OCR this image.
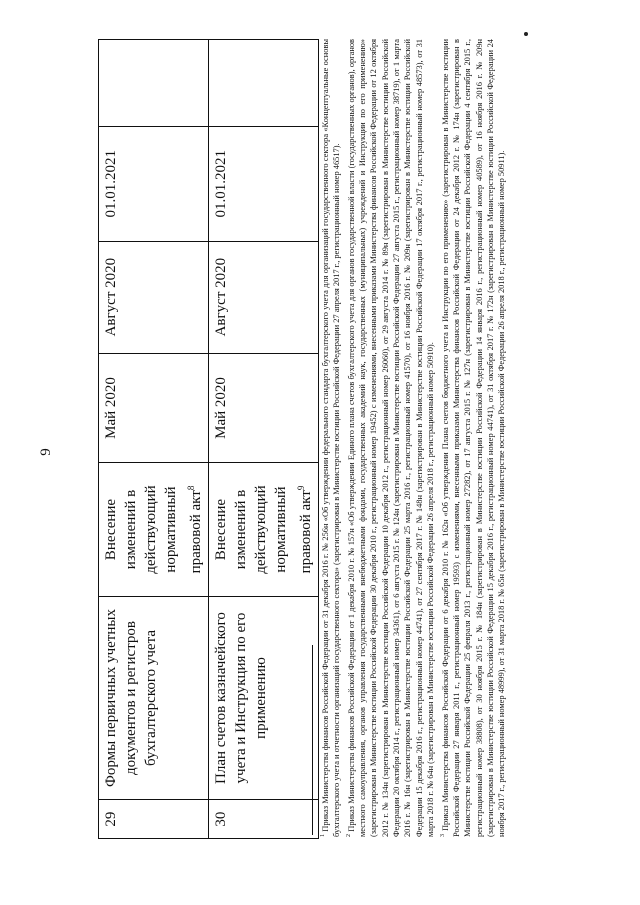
9
29	Формы первичных учетных документов и регистров бухгалтерского учета	Внесение изменений в действующий нормативный правовой акт$^8$	Май 2020	Август 2020	01.01.2021	
30	План счетов казначейского учета и Инструкция по его применению	Внесение изменений в действующий нормативный правовой акт$^9$	Май 2020	Август 2020	01.01.2021	

$^1$ Приказ Министерства финансов Российской Федерации от 31 декабря 2016 г. № 256н «Об утверждении федерального стандарта бухгалтерского учета для организаций государственного сектора «Концептуальные основы бухгалтерского учета и отчетности организаций государственного сектора» (зарегистрирован в Министерстве юстиции Российской Федерации 27 апреля 2017 г., регистрационный номер 46517). $^2$ Приказ Министерства финансов Российской Федерации от 1 декабря 2010 г. № 157н «Об утверждении Единого плана счетов бухгалтерского учета для органов государственной власти (государственных органов), органов местного самоуправления, органов управления государственными внебюджетными фондами, государственных академий наук, государственных (муниципальных) учреждений и Инструкции по его применению» (зарегистрирован в Министерстве юстиции Российской Федерации 30 декабря 2010 г., регистрационный номер 19452) с изменениями, внесенными приказами Министерства финансов Российской Федерации от 12 октября 2012 г. № 134н (зарегистрирован в Министерстве юстиции Российской Федерации 10 декабря 2012 г., регистрационный номер 26060), от 29 августа 2014 г. № 89н (зарегистрирован в Министерстве юстиции Российской Федерации 20 октября 2014 г., регистрационный номер 34361), от 6 августа 2015 г. № 124н (зарегистрирован в Министерстве юстиции Российской Федерации 27 августа 2015 г., регистрационный номер 38719), от 1 марта 2016 г. № 16н (зарегистрирован в Министерстве юстиции Российской Федерации 25 марта 2016 г., регистрационный номер 41570), от 16 ноября 2016 г. № 209н (зарегистрирован в Министерстве юстиции Российской Федерации 15 декабря 2016 г., регистрационный номер 44741), от 27 сентября 2017 г. № 148н (зарегистрирован в Министерстве юстиции Российской Федерации 17 октября 2017 г., регистрационный номер 48573), от 31 марта 2018 г. № 64н (зарегистрирован в Министерстве юстиции Российской Федерации 26 апреля 2018 г., регистрационный номер 50910). $^3$ Приказ Министерства финансов Российской Федерации от 6 декабря 2010 г. № 162н «Об утверждении Плана счетов бюджетного учета и Инструкции по его применению» (зарегистрирован в Министерстве юстиции Российской Федерации 27 января 2011 г., регистрационный номер 19593) с изменениями, внесенными приказами Министерства финансов Российской Федерации от 24 декабря 2012 г. № 174н (зарегистрирован в Министерстве юстиции Российской Федерации 25 февраля 2013 г., регистрационный номер 27282), от 17 августа 2015 г. № 127н (зарегистрирован в Министерстве юстиции Российской Федерации 4 сентября 2015 г., регистрационный номер 38808), от 30 ноября 2015 г. № 184н (зарегистрирован в Министерстве юстиции Российской Федерации 14 января 2016 г., регистрационный номер 40589), от 16 ноября 2016 г. № 209н (зарегистрирован в Министерстве юстиции Российской Федерации 15 декабря 2016 г., регистрационный номер 44741), от 31 октября 2017 г. № 172н (зарегистрирован в Министерстве юстиции Российской Федерации 24 ноября 2017 г., регистрационный номер 48999), от 31 марта 2018 г. № 65н (зарегистрирован в Министерстве юстиции Российской Федерации 26 апреля 2018 г., регистрационный номер 50911).
